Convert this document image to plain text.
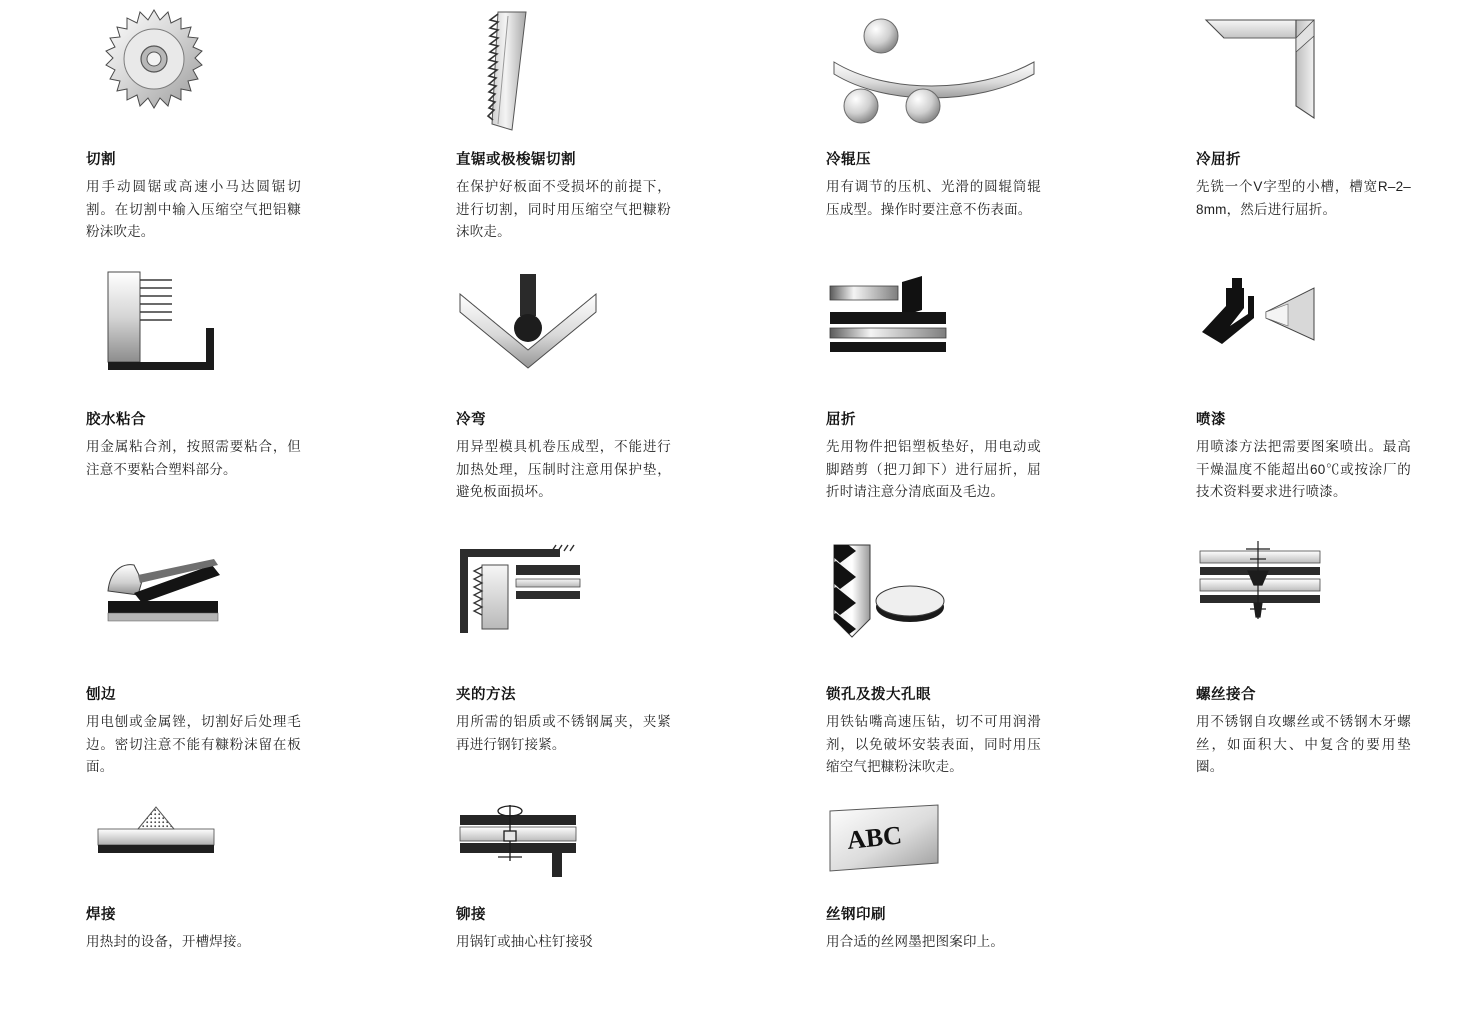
切割
用手动圆锯或高速小马达圆锯切割。在切割中输入压缩空气把铝糠粉沫吹走。
直锯或极梭锯切割
在保护好板面不受损坏的前提下，进行切割，同时用压缩空气把糠粉沫吹走。
冷辊压
用有调节的压机、光滑的圆辊筒辊压成型。操作时要注意不伤表面。
冷屈折
先铣一个V字型的小槽，槽宽R–2–8mm，然后进行屈折。
胶水粘合
用金属粘合剂，按照需要粘合，但注意不要粘合塑料部分。
冷弯
用异型模具机卷压成型，不能进行加热处理，压制时注意用保护垫，避免板面损坏。
屈折
先用物件把铝塑板垫好，用电动或脚踏剪（把刀卸下）进行屈折，屈折时请注意分清底面及毛边。
喷漆
用喷漆方法把需要图案喷出。最高干燥温度不能超出60℃或按涂厂的技术资料要求进行喷漆。
刨边
用电刨或金属锉，切割好后处理毛边。密切注意不能有糠粉沫留在板面。
夹的方法
用所需的铝质或不锈钢属夹，夹紧再进行钢钉接紧。
锁孔及拨大孔眼
用铁钻嘴高速压钻，切不可用润滑剂，以免破坏安装表面，同时用压缩空气把糠粉沫吹走。
螺丝接合
用不锈钢自攻螺丝或不锈钢木牙螺丝，如面积大、中复含的要用垫圈。
焊接
用热封的设备，开槽焊接。
铆接
用锅钉或抽心柱钉接驳
ABC
丝钢印刷
用合适的丝网墨把图案印上。
